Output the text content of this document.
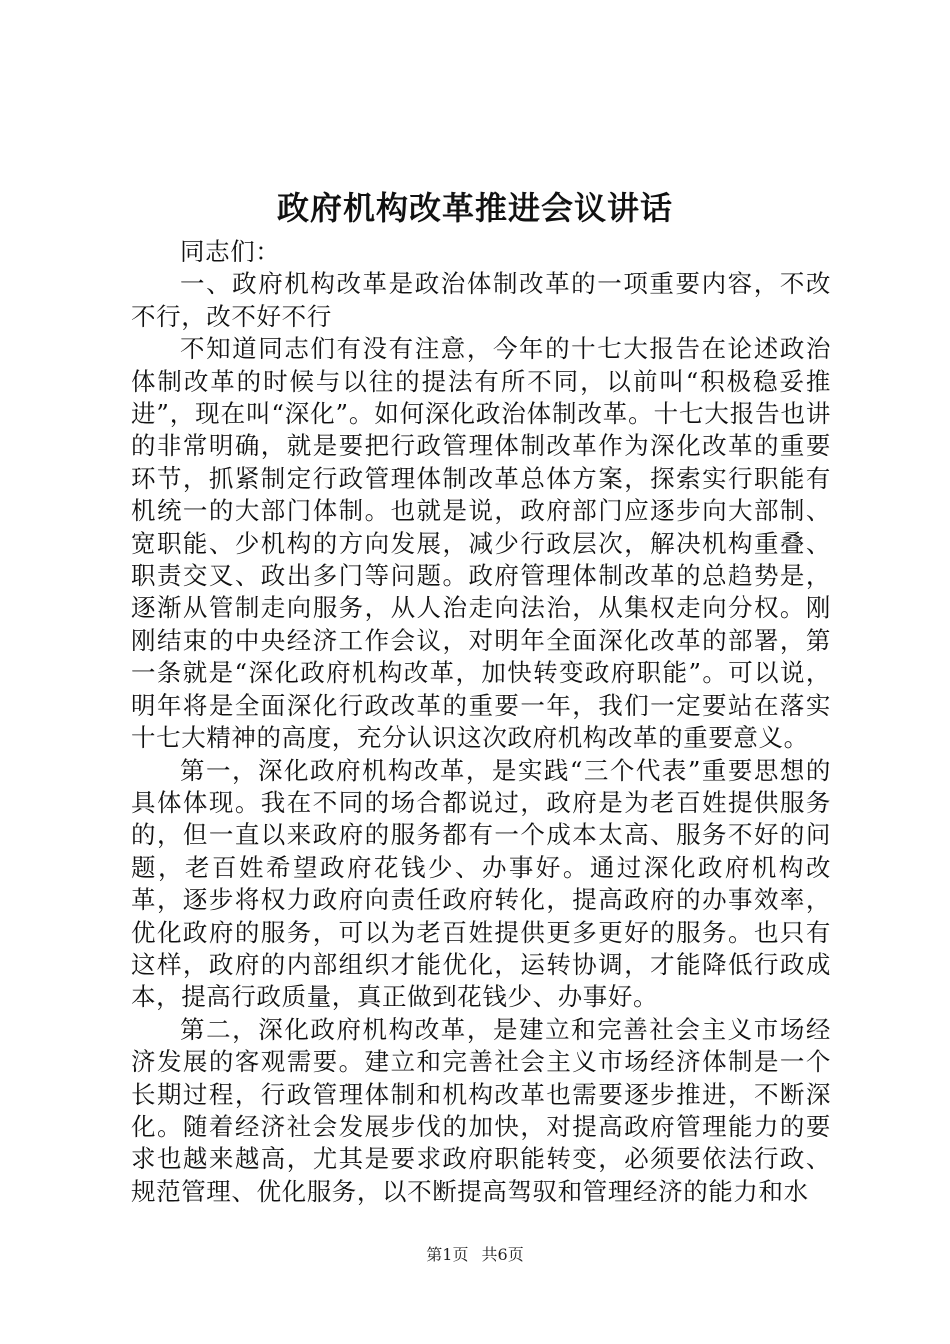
政府机构改革推进会议讲话

同志们：

一、政府机构改革是政治体制改革的一项重要内容，不改不行，改不好不行

不知道同志们有没有注意，今年的十七大报告在论述政治体制改革的时候与以往的提法有所不同，以前叫“积极稳妥推进”，现在叫“深化”。如何深化政治体制改革。十七大报告也讲的非常明确，就是要把行政管理体制改革作为深化改革的重要环节，抓紧制定行政管理体制改革总体方案，探索实行职能有机统一的大部门体制。也就是说，政府部门应逐步向大部制、宽职能、少机构的方向发展，减少行政层次，解决机构重叠、职责交叉、政出多门等问题。政府管理体制改革的总趋势是，逐渐从管制走向服务，从人治走向法治，从集权走向分权。刚刚结束的中央经济工作会议，对明年全面深化改革的部署，第一条就是“深化政府机构改革，加快转变政府职能”。可以说，明年将是全面深化行政改革的重要一年，我们一定要站在落实十七大精神的高度，充分认识这次政府机构改革的重要意义。

第一，深化政府机构改革，是实践“三个代表”重要思想的具体体现。我在不同的场合都说过，政府是为老百姓提供服务的，但一直以来政府的服务都有一个成本太高、服务不好的问题，老百姓希望政府花钱少、办事好。通过深化政府机构改革，逐步将权力政府向责任政府转化，提高政府的办事效率，优化政府的服务，可以为老百姓提供更多更好的服务。也只有这样，政府的内部组织才能优化，运转协调，才能降低行政成本，提高行政质量，真正做到花钱少、办事好。

第二，深化政府机构改革，是建立和完善社会主义市场经济发展的客观需要。建立和完善社会主义市场经济体制是一个长期过程，行政管理体制和机构改革也需要逐步推进，不断深化。随着经济社会发展步伐的加快，对提高政府管理能力的要求也越来越高，尤其是要求政府职能转变，必须要依法行政、规范管理、优化服务，以不断提高驾驭和管理经济的能力和水

第1页 共6页
